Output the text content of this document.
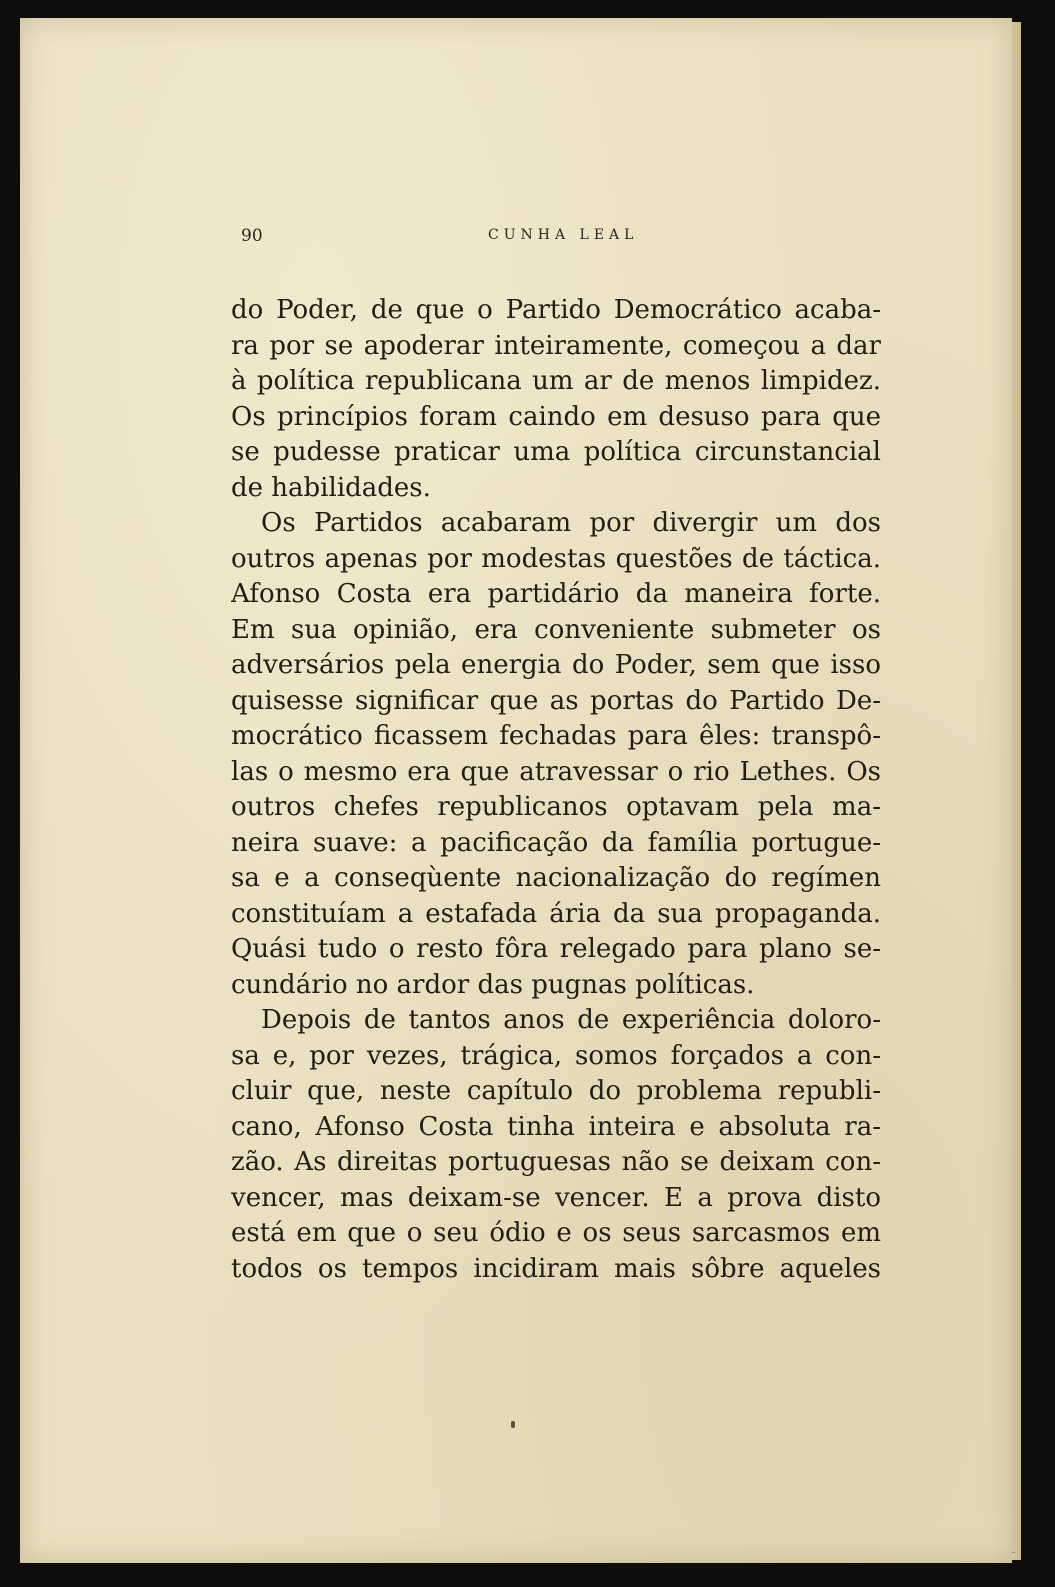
90	CUNHA LEAL
do Poder, de que o Partido Democrático acaba-
ra por se apoderar inteiramente, começou a dar
à política republicana um ar de menos limpidez.
Os princípios foram caindo em desuso para que
se pudesse praticar uma política circunstancial
de habilidades.
Os Partidos acabaram por divergir um dos
outros apenas por modestas questões de táctica.
Afonso Costa era partidário da maneira forte.
Em sua opinião, era conveniente submeter os
adversários pela energia do Poder, sem que isso
quisesse significar que as portas do Partido De-
mocrático ficassem fechadas para êles: transpô-
las o mesmo era que atravessar o rio Lethes. Os
outros chefes republicanos optavam pela ma-
neira suave: a pacificação da família portugue-
sa e a conseqùente nacionalização do regímen
constituíam a estafada ária da sua propaganda.
Quási tudo o resto fôra relegado para plano se-
cundário no ardor das pugnas políticas.
Depois de tantos anos de experiência doloro-
sa e, por vezes, trágica, somos forçados a con-
cluir que, neste capítulo do problema republi-
cano, Afonso Costa tinha inteira e absoluta ra-
zão. As direitas portuguesas não se deixam con-
vencer, mas deixam-se vencer. E a prova disto
está em que o seu ódio e os seus sarcasmos em
todos os tempos incidiram mais sôbre aqueles
